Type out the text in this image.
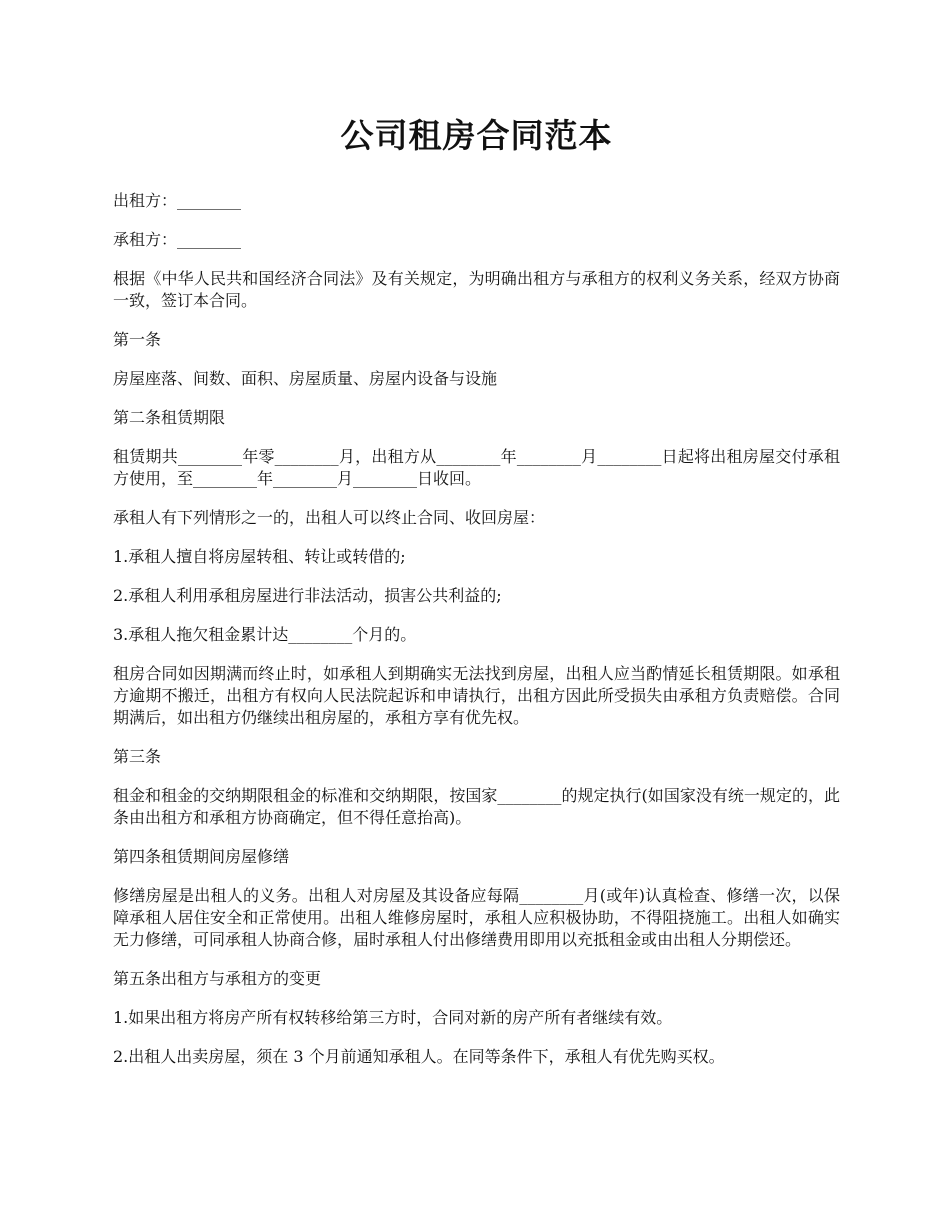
公司租房合同范本

出租方：________

承租方：________

根据《中华人民共和国经济合同法》及有关规定，为明确出租方与承租方的权利义务关系，经双方协商一致，签订本合同。

第一条

房屋座落、间数、面积、房屋质量、房屋内设备与设施

第二条租赁期限

租赁期共________年零________月，出租方从________年________月________日起将出租房屋交付承租方使用，至________年________月________日收回。

承租人有下列情形之一的，出租人可以终止合同、收回房屋：

1.承租人擅自将房屋转租、转让或转借的;

2.承租人利用承租房屋进行非法活动，损害公共利益的;

3.承租人拖欠租金累计达________个月的。

租房合同如因期满而终止时，如承租人到期确实无法找到房屋，出租人应当酌情延长租赁期限。如承租方逾期不搬迁，出租方有权向人民法院起诉和申请执行，出租方因此所受损失由承租方负责赔偿。合同期满后，如出租方仍继续出租房屋的，承租方享有优先权。

第三条

租金和租金的交纳期限租金的标准和交纳期限，按国家________的规定执行(如国家没有统一规定的，此条由出租方和承租方协商确定，但不得任意抬高)。

第四条租赁期间房屋修缮

修缮房屋是出租人的义务。出租人对房屋及其设备应每隔________月(或年)认真检查、修缮一次，以保障承租人居住安全和正常使用。出租人维修房屋时，承租人应积极协助，不得阻挠施工。出租人如确实无力修缮，可同承租人协商合修，届时承租人付出修缮费用即用以充抵租金或由出租人分期偿还。

第五条出租方与承租方的变更

1.如果出租方将房产所有权转移给第三方时，合同对新的房产所有者继续有效。

2.出租人出卖房屋，须在 3 个月前通知承租人。在同等条件下，承租人有优先购买权。
